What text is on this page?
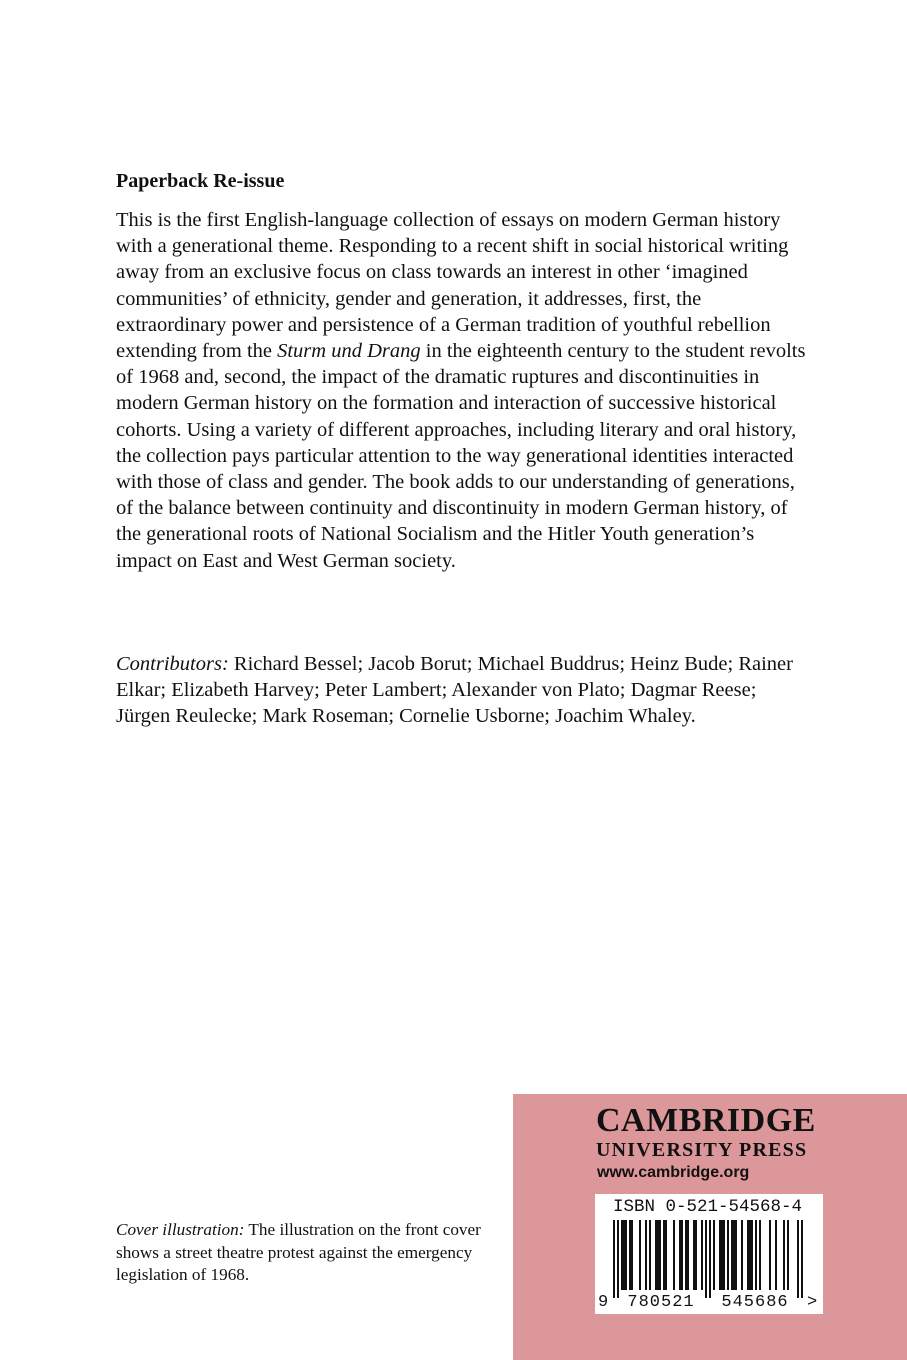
Paperback Re-issue

This is the first English-language collection of essays on modern German history with a generational theme. Responding to a recent shift in social historical writing away from an exclusive focus on class towards an interest in other ‘imagined communities’ of ethnicity, gender and generation, it addresses, first, the extraordinary power and persistence of a German tradition of youthful rebellion extending from the Sturm und Drang in the eighteenth century to the student revolts of 1968 and, second, the impact of the dramatic ruptures and discontinuities in modern German history on the formation and interaction of successive historical cohorts. Using a variety of different approaches, including literary and oral history, the collection pays particular attention to the way generational identities interacted with those of class and gender. The book adds to our understanding of generations, of the balance between continuity and discontinuity in modern German history, of the generational roots of National Socialism and the Hitler Youth generation’s impact on East and West German society.

Contributors: Richard Bessel; Jacob Borut; Michael Buddrus; Heinz Bude; Rainer Elkar; Elizabeth Harvey; Peter Lambert; Alexander von Plato; Dagmar Reese; Jürgen Reulecke; Mark Roseman; Cornelie Usborne; Joachim Whaley.

Cover illustration: The illustration on the front cover shows a street theatre protest against the emergency legislation of 1968.

CAMBRIDGE
UNIVERSITY PRESS
www.cambridge.org
9 780521 545686 >
ISBN 0-521-54568-4
